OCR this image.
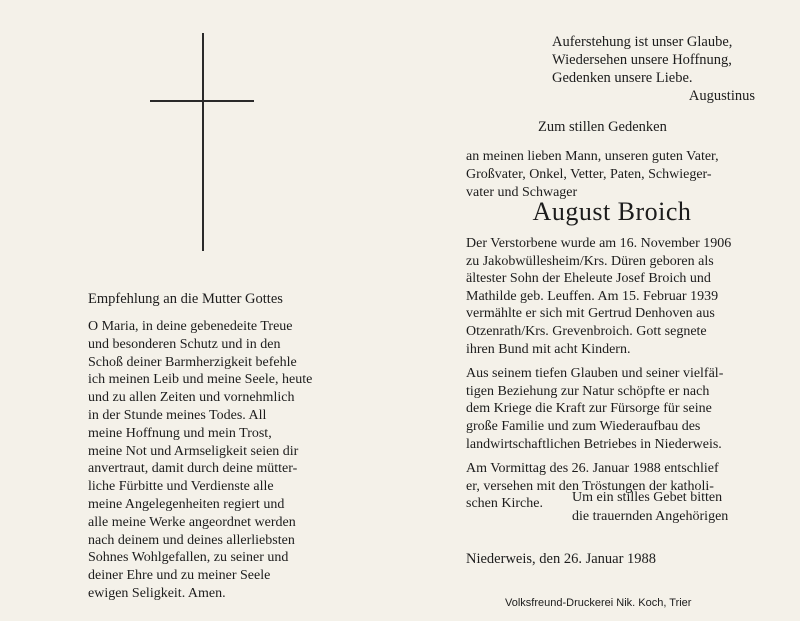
Auferstehung ist unser Glaube,
Wiedersehen unsere Hoffnung,
Gedenken unsere Liebe.
Augustinus
Zum stillen Gedenken
an meinen lieben Mann, unseren guten Vater,
Großvater, Onkel, Vetter, Paten, Schwieger-
vater und Schwager
August Broich
Der Verstorbene wurde am 16. November 1906
zu Jakobwüllesheim/Krs. Düren geboren als
ältester Sohn der Eheleute Josef Broich und
Mathilde geb. Leuffen. Am 15. Februar 1939
vermählte er sich mit Gertrud Denhoven aus
Otzenrath/Krs. Grevenbroich. Gott segnete
ihren Bund mit acht Kindern.
Aus seinem tiefen Glauben und seiner vielfäl-
tigen Beziehung zur Natur schöpfte er nach
dem Kriege die Kraft zur Fürsorge für seine
große Familie und zum Wiederaufbau des
landwirtschaftlichen Betriebes in Niederweis.
Am Vormittag des 26. Januar 1988 entschlief
er, versehen mit den Tröstungen der katholi-
schen Kirche.	Um ein stilles Gebet bitten
die trauernden Angehörigen
Niederweis, den 26. Januar 1988
Volksfreund-Druckerei Nik. Koch, Trier
Empfehlung an die Mutter Gottes
O Maria, in deine gebenedeite Treue
und besonderen Schutz und in den
Schoß deiner Barmherzigkeit befehle
ich meinen Leib und meine Seele, heute
und zu allen Zeiten und vornehmlich
in der Stunde meines Todes. All
meine Hoffnung und mein Trost,
meine Not und Armseligkeit seien dir
anvertraut, damit durch deine mütter-
liche Fürbitte und Verdienste alle
meine Angelegenheiten regiert und
alle meine Werke angeordnet werden
nach deinem und deines allerliebsten
Sohnes Wohlgefallen, zu seiner und
deiner Ehre und zu meiner Seele
ewigen Seligkeit. Amen.
